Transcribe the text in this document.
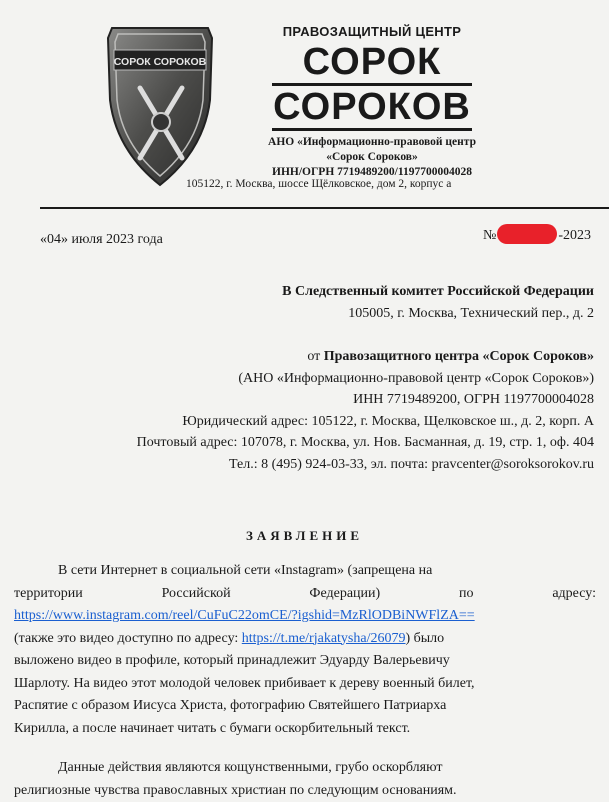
СОРОК СОРОКОВ
ПРАВОЗАЩИТНЫЙ ЦЕНТР
СОРОК
СОРОКОВ
АНО «Информационно-правовой центр
«Сорок Сороков»
ИНН/ОГРН 7719489200/1197700004028
105122, г. Москва, шоссе Щёлковское, дом 2, корпус а
«04» июля 2023 года	№	-2023
В Следственный комитет Российской Федерации
105005, г. Москва, Технический пер., д. 2
от Правозащитного центра «Сорок Сороков»
(АНО «Информационно-правовой центр «Сорок Сороков»)
ИНН 7719489200, ОГРН 1197700004028
Юридический адрес: 105122, г. Москва, Щелковское ш., д. 2, корп. А
Почтовый адрес: 107078, г. Москва, ул. Нов. Басманная, д. 19, стр. 1, оф. 404
Тел.: 8 (495) 924-03-33, эл. почта: pravcenter@soroksorokov.ru
ЗАЯВЛЕНИЕ
В сети Интернет в социальной сети «Instagram» (запрещена на
территории	Российской	Федерации)	по	адресу:
https://www.instagram.com/reel/CuFuC22omCE/?igshid=MzRlODBiNWFlZA==
(также это видео доступно по адресу: https://t.me/rjakatysha/26079) было
выложено видео в профиле, который принадлежит Эдуарду Валерьевичу
Шарлоту. На видео этот молодой человек прибивает к дереву военный билет,
Распятие с образом Иисуса Христа, фотографию Святейшего Патриарха
Кирилла, а после начинает читать с бумаги оскорбительный текст.
Данные действия являются кощунственными, грубо оскорбляют
религиозные чувства православных христиан по следующим основаниям.
